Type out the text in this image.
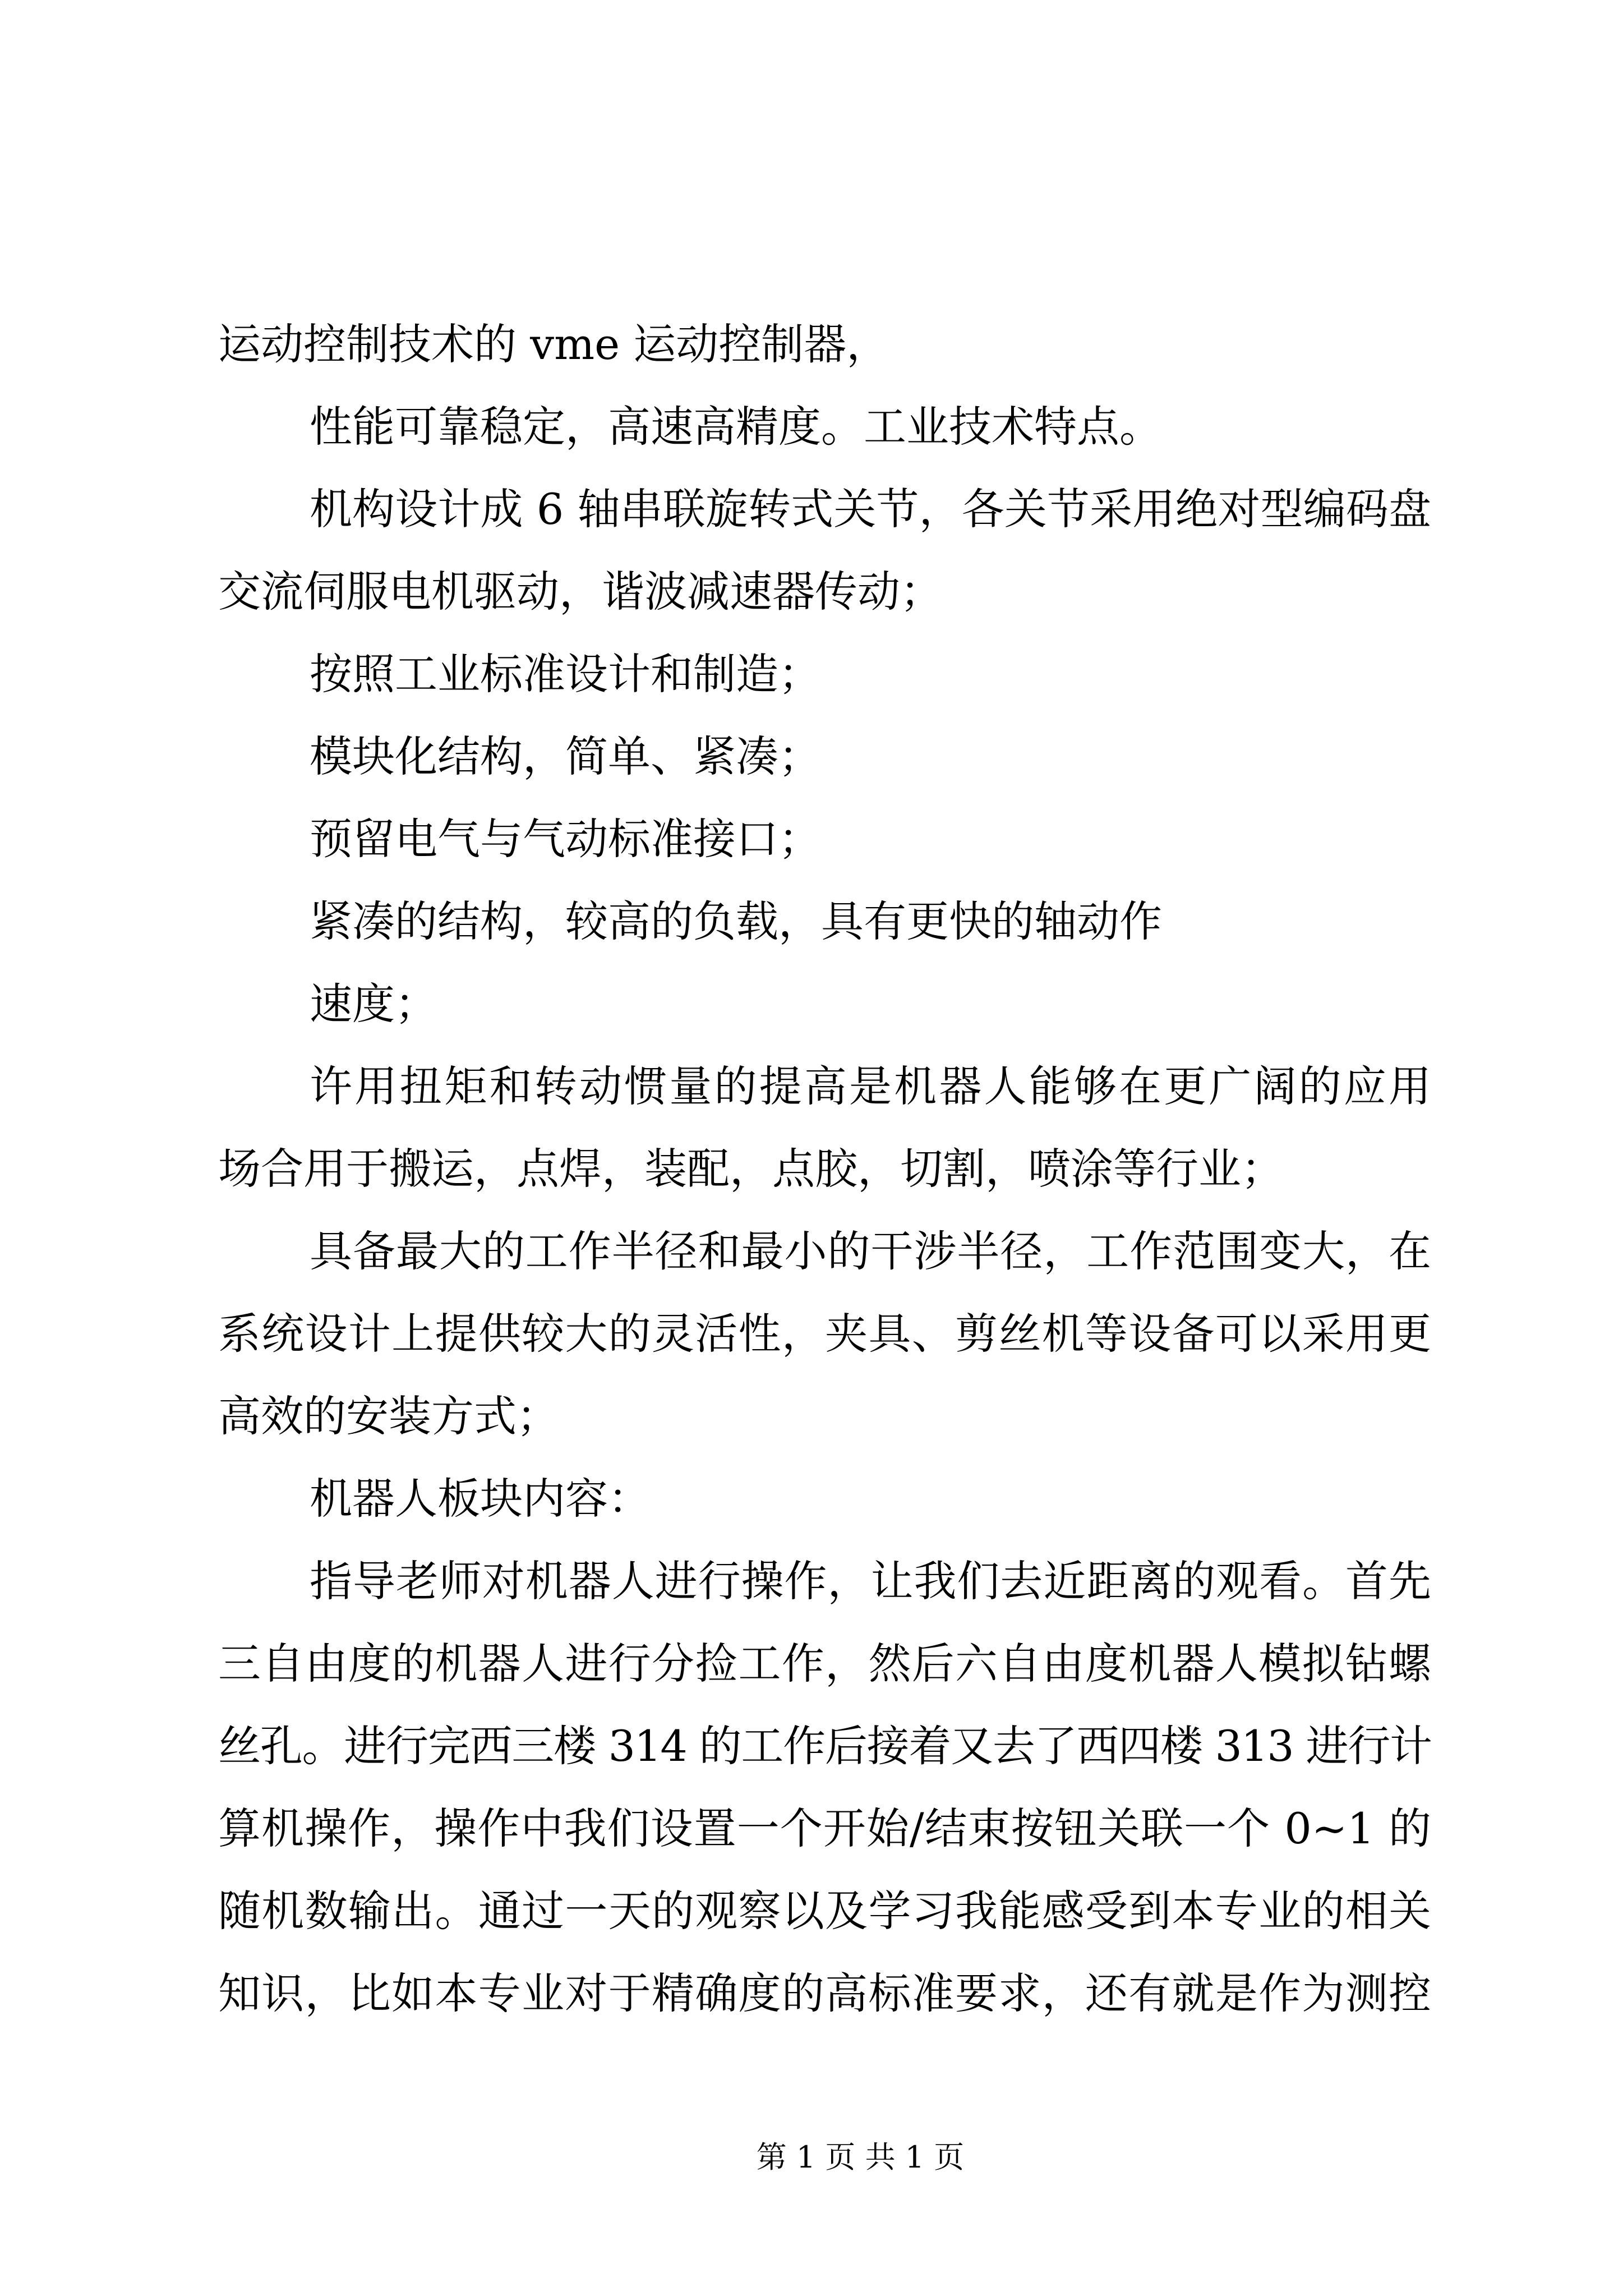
运动控制技术的 vme 运动控制器，
性能可靠稳定，高速高精度。工业技术特点。
机构设计成 6 轴串联旋转式关节，各关节采用绝对型编码盘
交流伺服电机驱动，谐波减速器传动；
按照工业标准设计和制造；
模块化结构，简单、紧凑；
预留电气与气动标准接口；
紧凑的结构，较高的负载，具有更快的轴动作
速度；
许用扭矩和转动惯量的提高是机器人能够在更广阔的应用
场合用于搬运，点焊，装配，点胶，切割，喷涂等行业；
具备最大的工作半径和最小的干涉半径，工作范围变大，在
系统设计上提供较大的灵活性，夹具、剪丝机等设备可以采用更
高效的安装方式；
机器人板块内容：
指导老师对机器人进行操作，让我们去近距离的观看。首先
三自由度的机器人进行分捡工作，然后六自由度机器人模拟钻螺
丝孔。进行完西三楼 314 的工作后接着又去了西四楼 313 进行计
算机操作，操作中我们设置一个开始/结束按钮关联一个 0~1 的
随机数输出。通过一天的观察以及学习我能感受到本专业的相关
知识，比如本专业对于精确度的高标准要求，还有就是作为测控
第 1 页 共 1 页
